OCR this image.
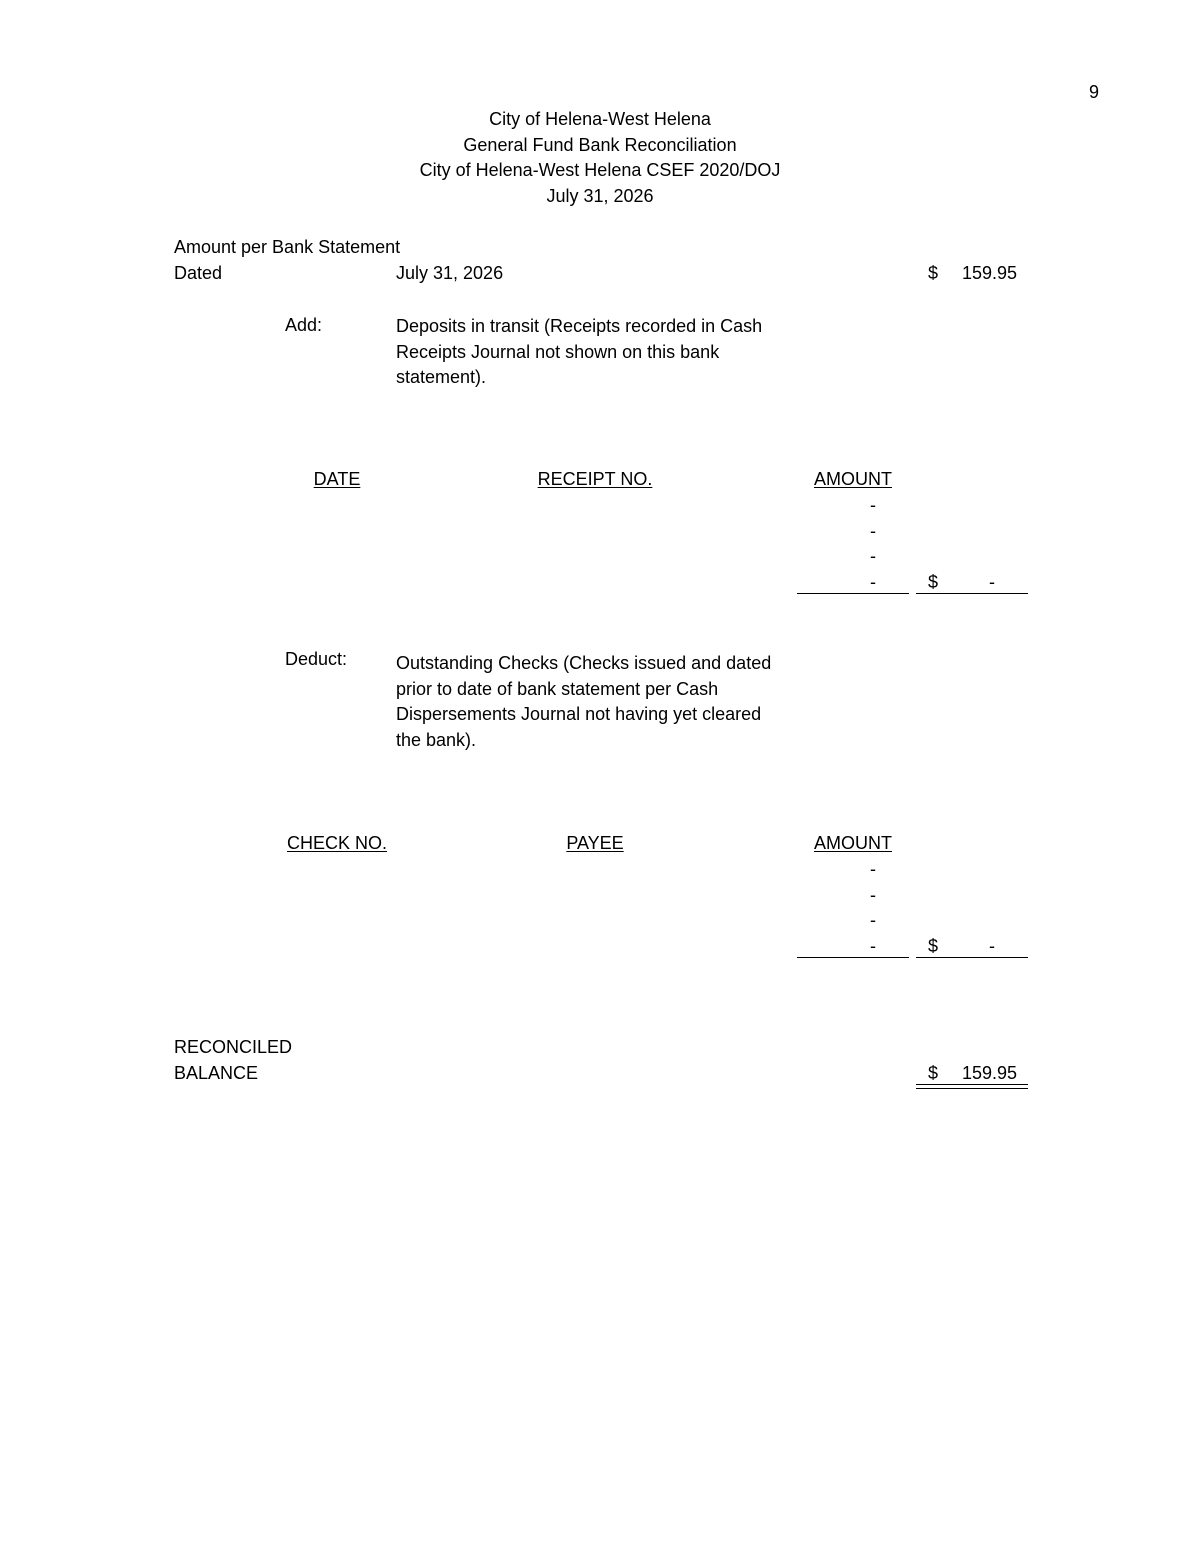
9
City of Helena-West Helena
General Fund Bank Reconciliation
City of Helena-West Helena CSEF 2020/DOJ
July 31, 2026
Amount per Bank Statement
Dated	July 31, 2026	$	159.95
Add:	Deposits in transit (Receipts recorded in Cash Receipts Journal not shown on this bank statement).
DATE	RECEIPT NO.	AMOUNT
-
-
-
-	$	-
Deduct:	Outstanding Checks (Checks issued and dated prior to date of bank statement per Cash Dispersements Journal not having yet cleared the bank).
CHECK NO.	PAYEE	AMOUNT
-
-
-
-	$	-
RECONCILED
BALANCE	$	159.95
